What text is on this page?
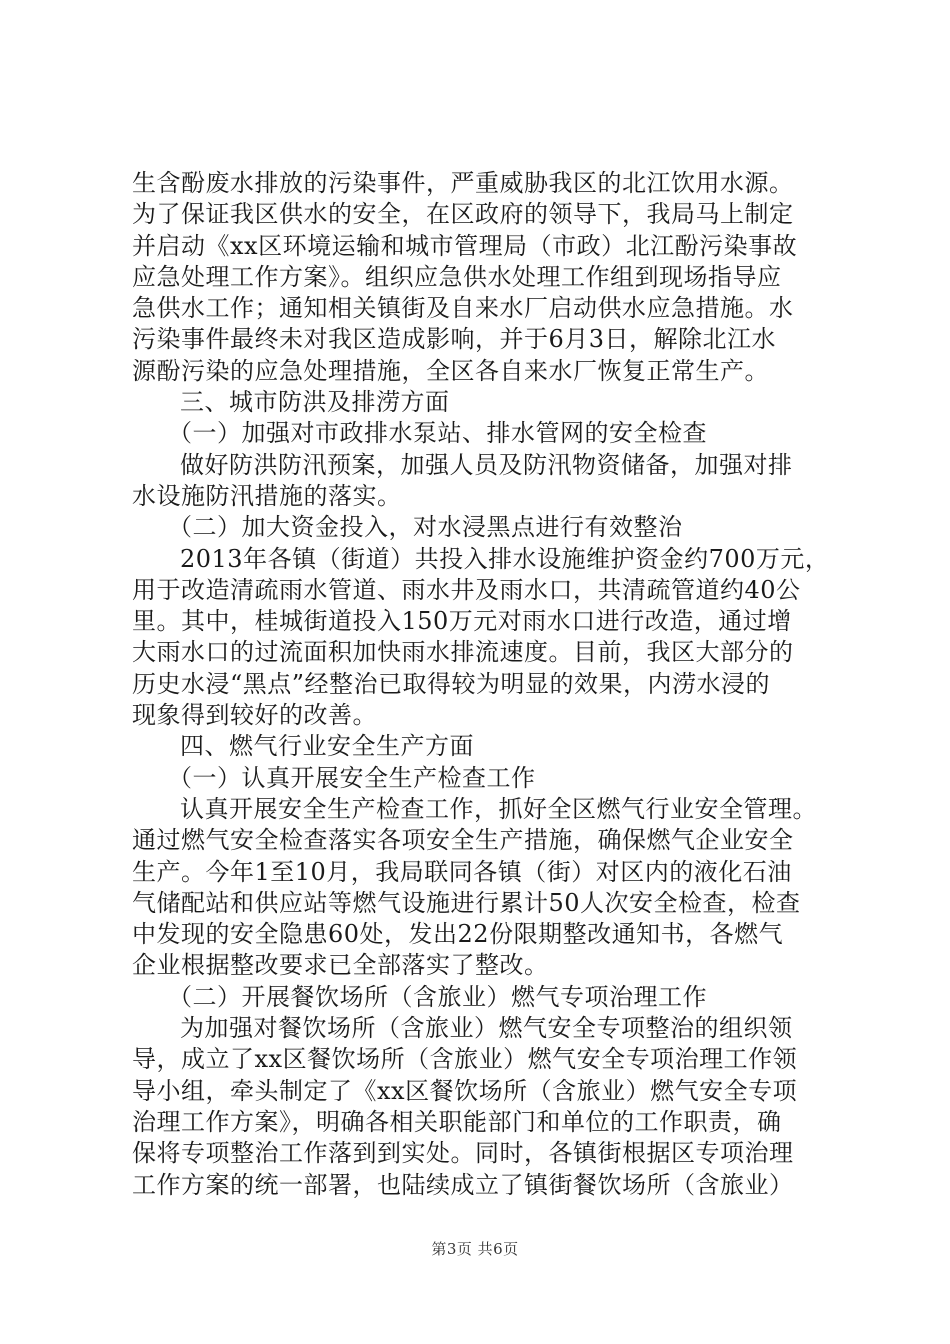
生含酚废水排放的污染事件，严重威胁我区的北江饮用水源。
为了保证我区供水的安全，在区政府的领导下，我局马上制定
并启动《xx区环境运输和城市管理局（市政）北江酚污染事故
应急处理工作方案》。组织应急供水处理工作组到现场指导应
急供水工作；通知相关镇街及自来水厂启动供水应急措施。水
污染事件最终未对我区造成影响，并于6月3日，解除北江水
源酚污染的应急处理措施，全区各自来水厂恢复正常生产。
三、城市防洪及排涝方面
（一）加强对市政排水泵站、排水管网的安全检查
做好防洪防汛预案，加强人员及防汛物资储备，加强对排
水设施防汛措施的落实。
（二）加大资金投入，对水浸黑点进行有效整治
2013年各镇（街道）共投入排水设施维护资金约700万元，
用于改造清疏雨水管道、雨水井及雨水口，共清疏管道约40公
里。其中，桂城街道投入150万元对雨水口进行改造，通过增
大雨水口的过流面积加快雨水排流速度。目前，我区大部分的
历史水浸“黑点”经整治已取得较为明显的效果，内涝水浸的
现象得到较好的改善。
四、燃气行业安全生产方面
（一）认真开展安全生产检查工作
认真开展安全生产检查工作，抓好全区燃气行业安全管理。
通过燃气安全检查落实各项安全生产措施，确保燃气企业安全
生产。今年1至10月，我局联同各镇（街）对区内的液化石油
气储配站和供应站等燃气设施进行累计50人次安全检查，检查
中发现的安全隐患60处，发出22份限期整改通知书，各燃气
企业根据整改要求已全部落实了整改。
（二）开展餐饮场所（含旅业）燃气专项治理工作
为加强对餐饮场所（含旅业）燃气安全专项整治的组织领
导，成立了xx区餐饮场所（含旅业）燃气安全专项治理工作领
导小组，牵头制定了《xx区餐饮场所（含旅业）燃气安全专项
治理工作方案》，明确各相关职能部门和单位的工作职责，确
保将专项整治工作落到到实处。同时，各镇街根据区专项治理
工作方案的统一部署，也陆续成立了镇街餐饮场所（含旅业）
第3页 共6页
